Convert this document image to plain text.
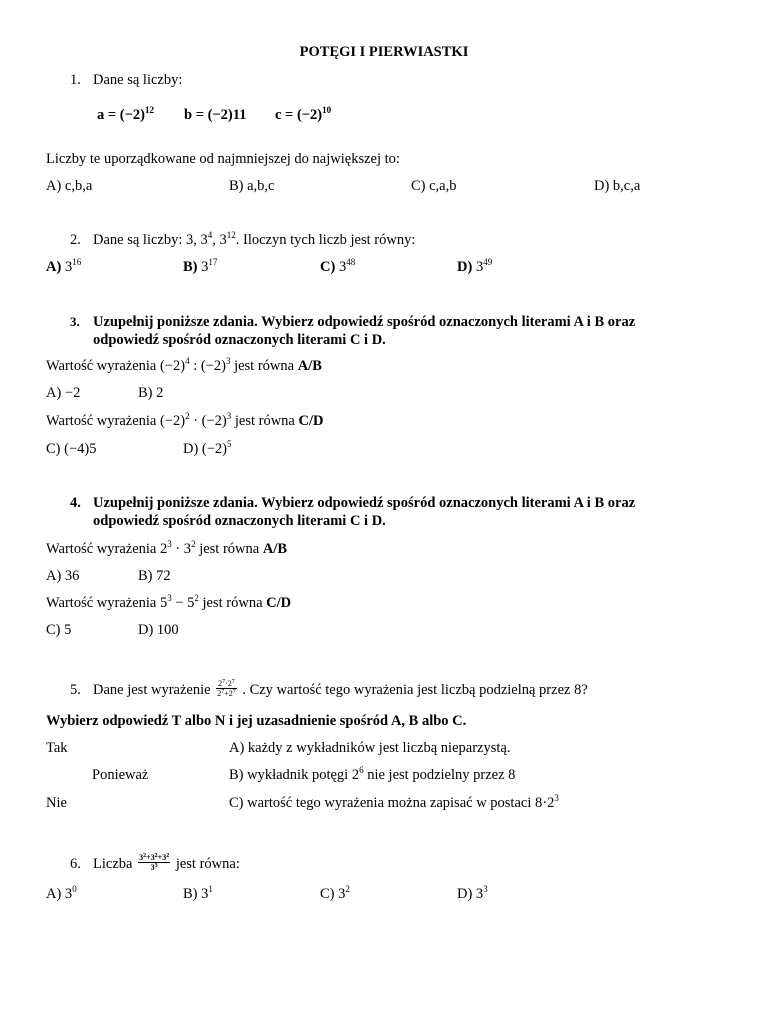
POTĘGI I PIERWIASTKI
1. Dane są liczby:
$a = (-2)^{12}$ b = (−2)11 $c = (-2)^{10}$
Liczby te uporządkowane od najmniejszej do największej to:
A) c,b,a	B) a,b,c	C) c,a,b	D) b,c,a
2. Dane są liczby: 3, $3^4$, $3^{12}$. Iloczyn tych liczb jest równy:
A) $3^{16}$	B) $3^{17}$	C) $3^{48}$	D) $3^{49}$
3. Uzupełnij poniższe zdania. Wybierz odpowiedź spośród oznaczonych literami A i B oraz
odpowiedź spośród oznaczonych literami C i D.
Wartość wyrażenia $(-2)^4$ : $(-2)^3$ jest równa A/B
A) −2	B) 2
Wartość wyrażenia $(-2)^2 \cdot (-2)^3$ jest równa C/D
C) (−4)5	D) $(-2)^5$
4. Uzupełnij poniższe zdania. Wybierz odpowiedź spośród oznaczonych literami A i B oraz
odpowiedź spośród oznaczonych literami C i D.
Wartość wyrażenia $2^3 \cdot 3^2$ jest równa A/B
A) 36	B) 72
Wartość wyrażenia $5^3 - 5^2$ jest równa C/D
C) 5	D) 100
5. Dane jest wyrażenie $\frac{2^7\cdot 2^7}{2^7+2^7}$ . Czy wartość tego wyrażenia jest liczbą podzielną przez 8?
Wybierz odpowiedź T albo N i jej uzasadnienie spośród A, B albo C.
Tak	A) każdy z wykładników jest liczbą nieparzystą.
Ponieważ	B) wykładnik potęgi $2^6$ nie jest podzielny przez 8
Nie	C) wartość tego wyrażenia można zapisać w postaci $8\cdot 2^3$
6. Liczba $\frac{3^2+3^2+3^2}{3^3}$ jest równa:
A) $3^0$	B) $3^1$	C) $3^2$	D) $3^3$
